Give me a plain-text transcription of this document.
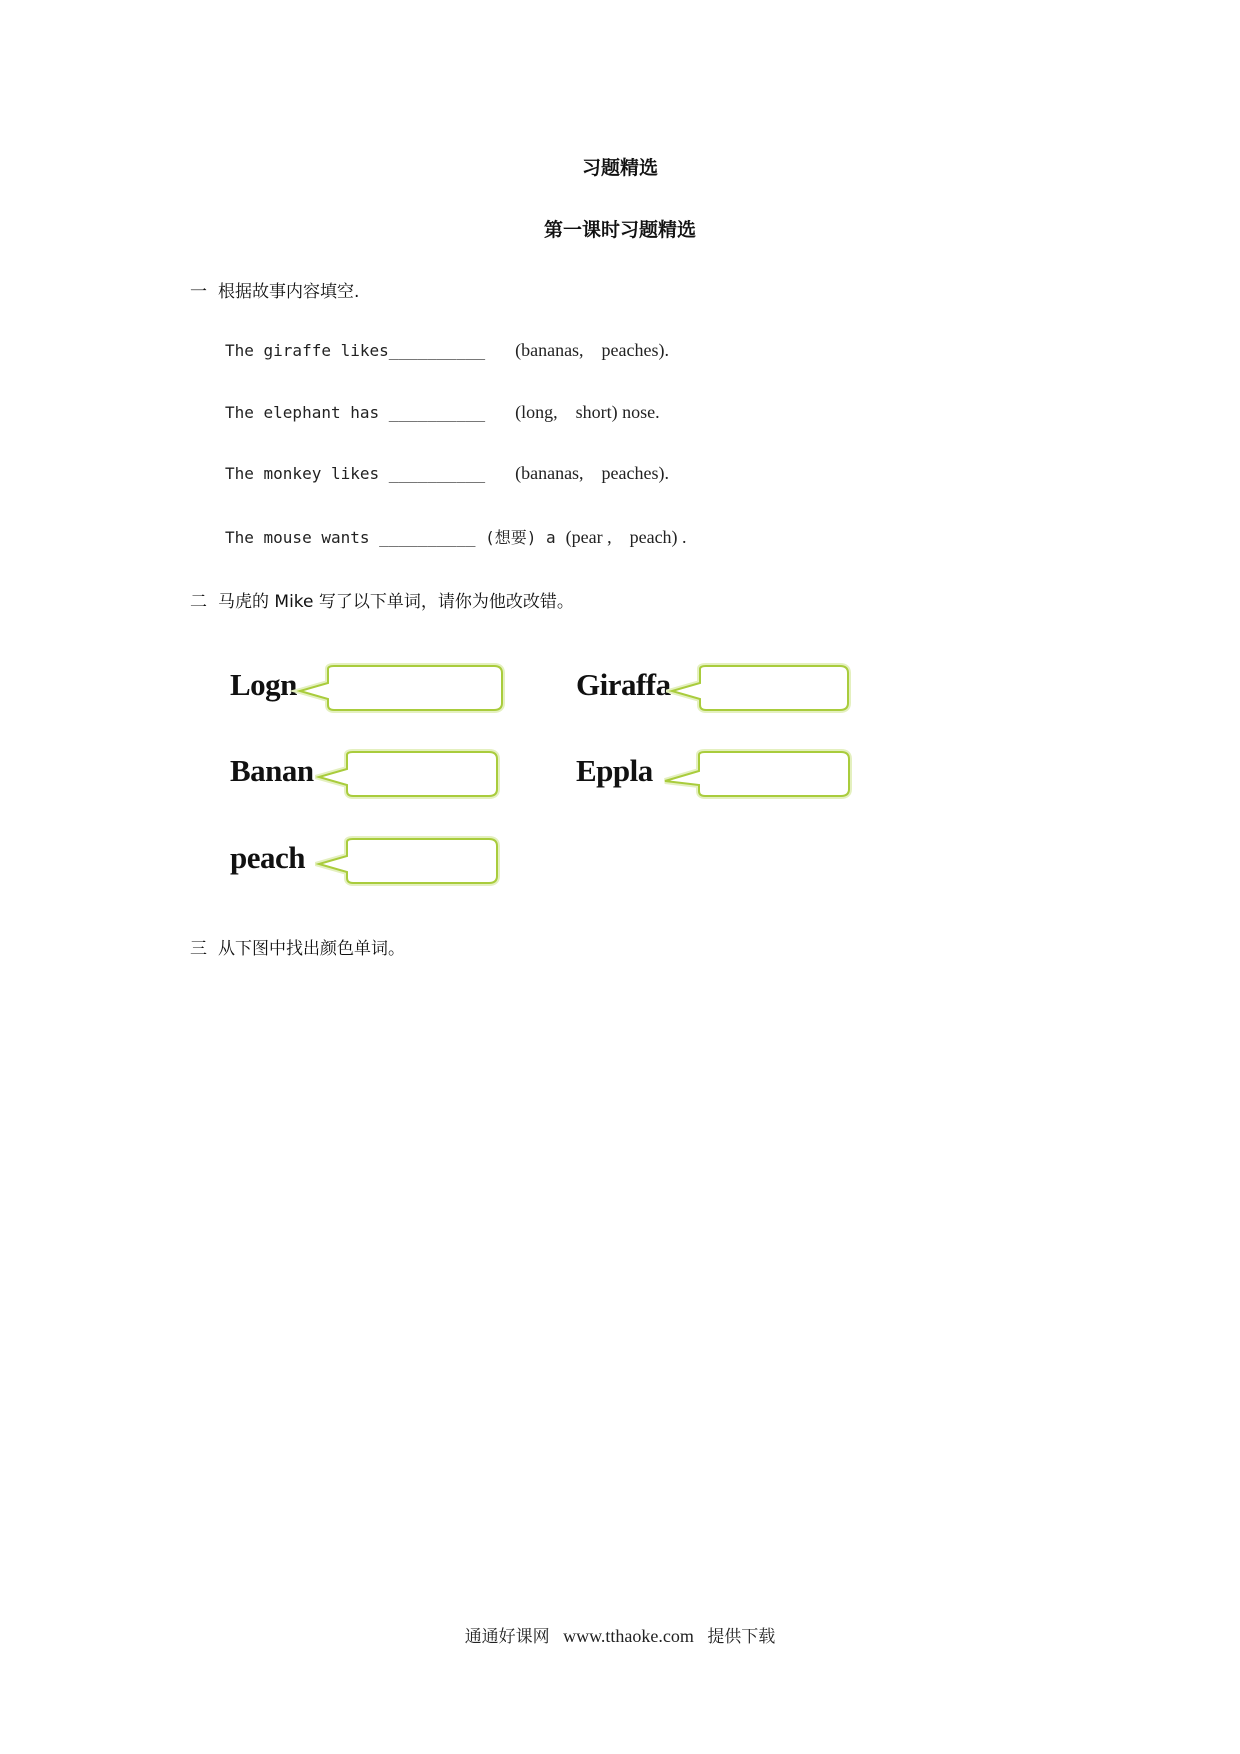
习题精选
第一课时习题精选
一 根据故事内容填空.
The giraffe likes__________ (bananas,    peaches).
The elephant has __________ (long,    short) nose.
The monkey likes __________ (bananas,    peaches).
The mouse wants __________ (想要) a (pear ,    peach) .
二 马虎的 Mike 写了以下单词，请你为他改改错。
Logn	Giraffa
Banan	Eppla
peach
三 从下图中找出颜色单词。
通通好课网 www.tthaoke.com 提供下载
